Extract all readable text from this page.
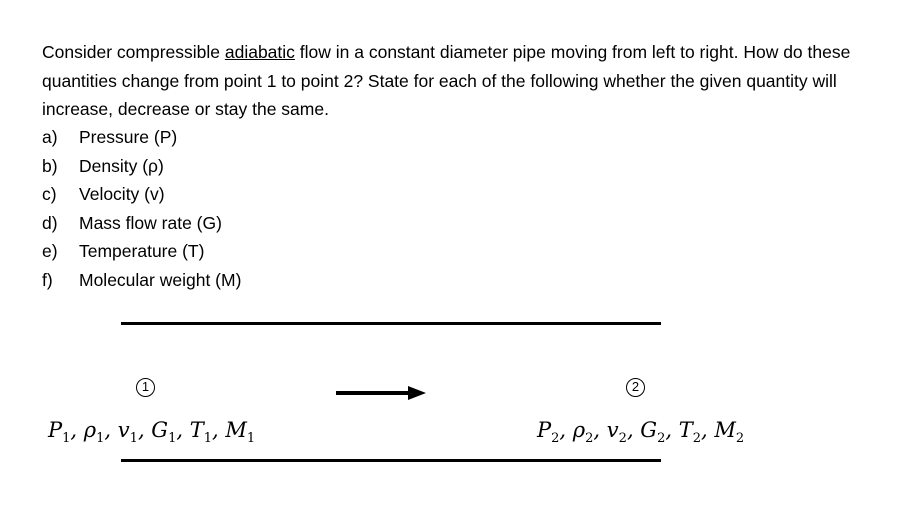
Consider compressible adiabatic flow in a constant diameter pipe moving from left to right. How do these quantities change from point 1 to point 2? State for each of the following whether the given quantity will increase, decrease or stay the same.
a)	Pressure (P)
b)	Density (ρ)
c)	Velocity (v)
d)	Mass flow rate (G)
e)	Temperature (T)
f)	Molecular weight (M)
1	2
$P_1$, $\rho_1$, $v_1$, $G_1$, $T_1$, $M_1$	$P_2$, $\rho_2$, $v_2$, $G_2$, $T_2$, $M_2$
